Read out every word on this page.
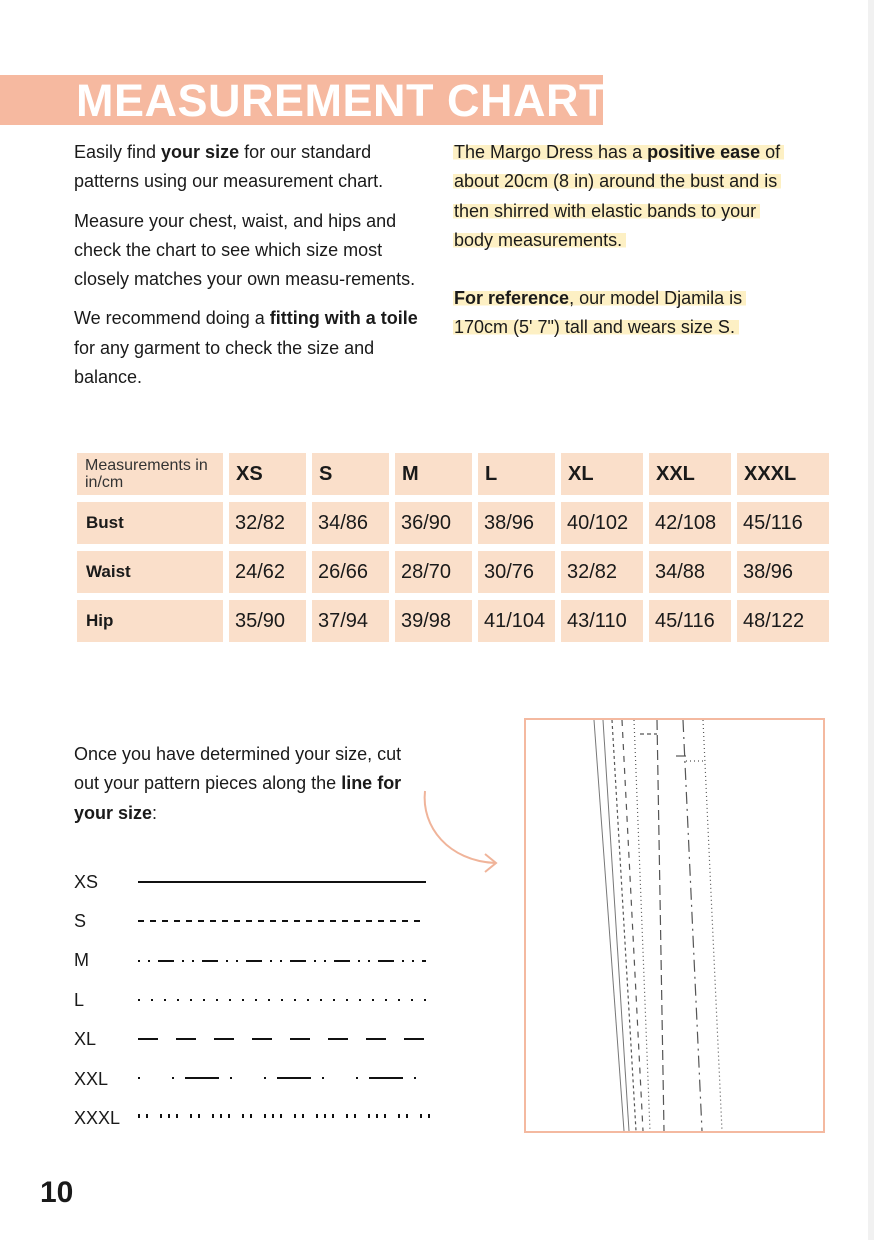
MEASUREMENT CHART

Easily find your size for our standard patterns using our measurement chart.

Measure your chest, waist, and hips and check the chart to see which size most closely matches your own measu-rements.

We recommend doing a fitting with a toile for any garment to check the size and balance.

The Margo Dress has a positive ease of about 20cm (8 in) around the bust and is then shirred with elastic bands to your body measurements.

For reference, our model Djamila is 170cm (5' 7") tall and wears size S.

Measurements in in/cm	XS	S	M	L	XL	XXL	XXXL
Bust	32/82	34/86	36/90	38/96	40/102	42/108	45/116
Waist	24/62	26/66	28/70	30/76	32/82	34/88	38/96
Hip	35/90	37/94	39/98	41/104	43/110	45/116	48/122

Once you have determined your size, cut out your pattern pieces along the line for your size:

XS
S
M
L
XL
XXL
XXXL
10
